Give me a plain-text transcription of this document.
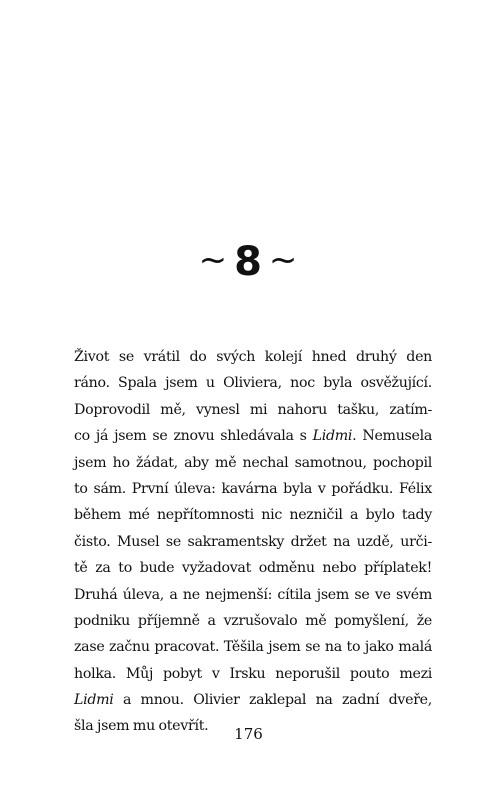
~ 8 ~
Život se vrátil do svých kolejí hned druhý den
ráno. Spala jsem u Oliviera, noc byla osvěžující.
Doprovodil mě, vynesl mi nahoru tašku, zatím-
co já jsem se znovu shledávala s Lidmi. Nemusela
jsem ho žádat, aby mě nechal samotnou, pochopil
to sám. První úleva: kavárna byla v pořádku. Félix
během mé nepřítomnosti nic nezničil a bylo tady
čisto. Musel se sakramentsky držet na uzdě, urči-
tě za to bude vyžadovat odměnu nebo příplatek!
Druhá úleva, a ne nejmenší: cítila jsem se ve svém
podniku příjemně a vzrušovalo mě pomyšlení, že
zase začnu pracovat. Těšila jsem se na to jako malá
holka. Můj pobyt v Irsku neporušil pouto mezi
Lidmi a mnou. Olivier zaklepal na zadní dveře,
šla jsem mu otevřít.	176
